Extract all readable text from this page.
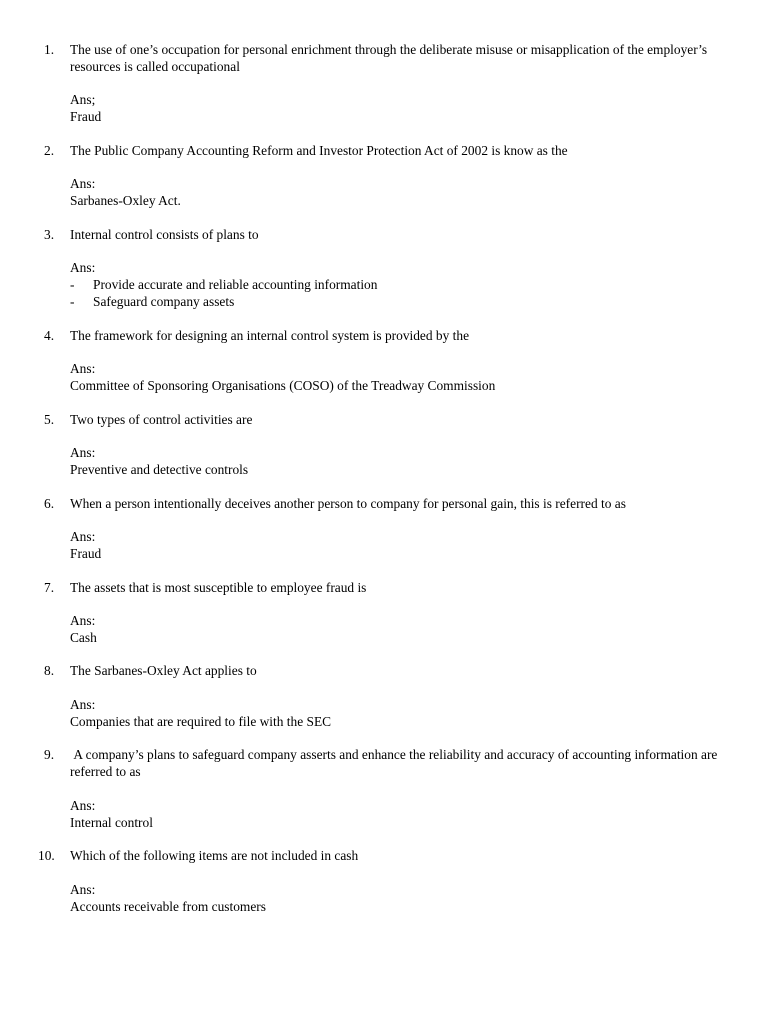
1.	The use of one’s occupation for personal enrichment through the deliberate misuse or misapplication of the employer’s resources is called occupational
Ans;
Fraud
2.	The Public Company Accounting Reform and Investor Protection Act of 2002 is know as the
Ans:
Sarbanes-Oxley Act.
3.	Internal control consists of plans to
Ans:
- Provide accurate and reliable accounting information
- Safeguard company assets
4.	The framework for designing an internal control system is provided by the
Ans:
Committee of Sponsoring Organisations (COSO) of the Treadway Commission
5.	Two types of control activities are
Ans:
Preventive and detective controls
6.	When a person intentionally deceives another person to company for personal gain, this is referred to as
Ans:
Fraud
7.	The assets that is most susceptible to employee fraud is
Ans:
Cash
8.	The Sarbanes-Oxley Act applies to
Ans:
Companies that are required to file with the SEC
9.	A company’s plans to safeguard company asserts and enhance the reliability and accuracy of accounting information are referred to as
Ans:
Internal control
10.	Which of the following items are not included in cash
Ans:
Accounts receivable from customers
